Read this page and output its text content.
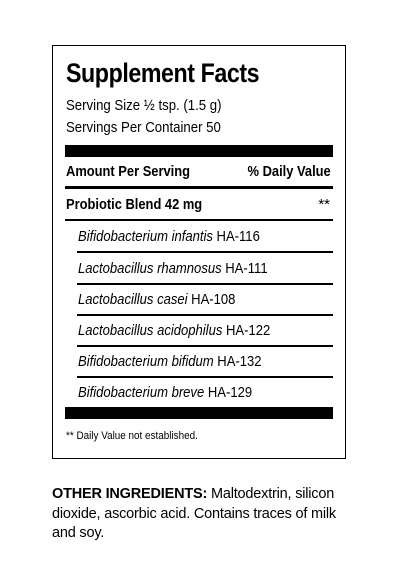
Supplement Facts
Serving Size ½ tsp. (1.5 g)
Servings Per Container 50
Amount Per Serving	% Daily Value
Probiotic Blend 42 mg	**
Bifidobacterium infantis HA-116
Lactobacillus rhamnosus HA-111
Lactobacillus casei HA-108
Lactobacillus acidophilus HA-122
Bifidobacterium bifidum HA-132
Bifidobacterium breve HA-129
** Daily Value not established.
OTHER INGREDIENTS: Maltodextrin, silicon dioxide, ascorbic acid. Contains traces of milk and soy.
